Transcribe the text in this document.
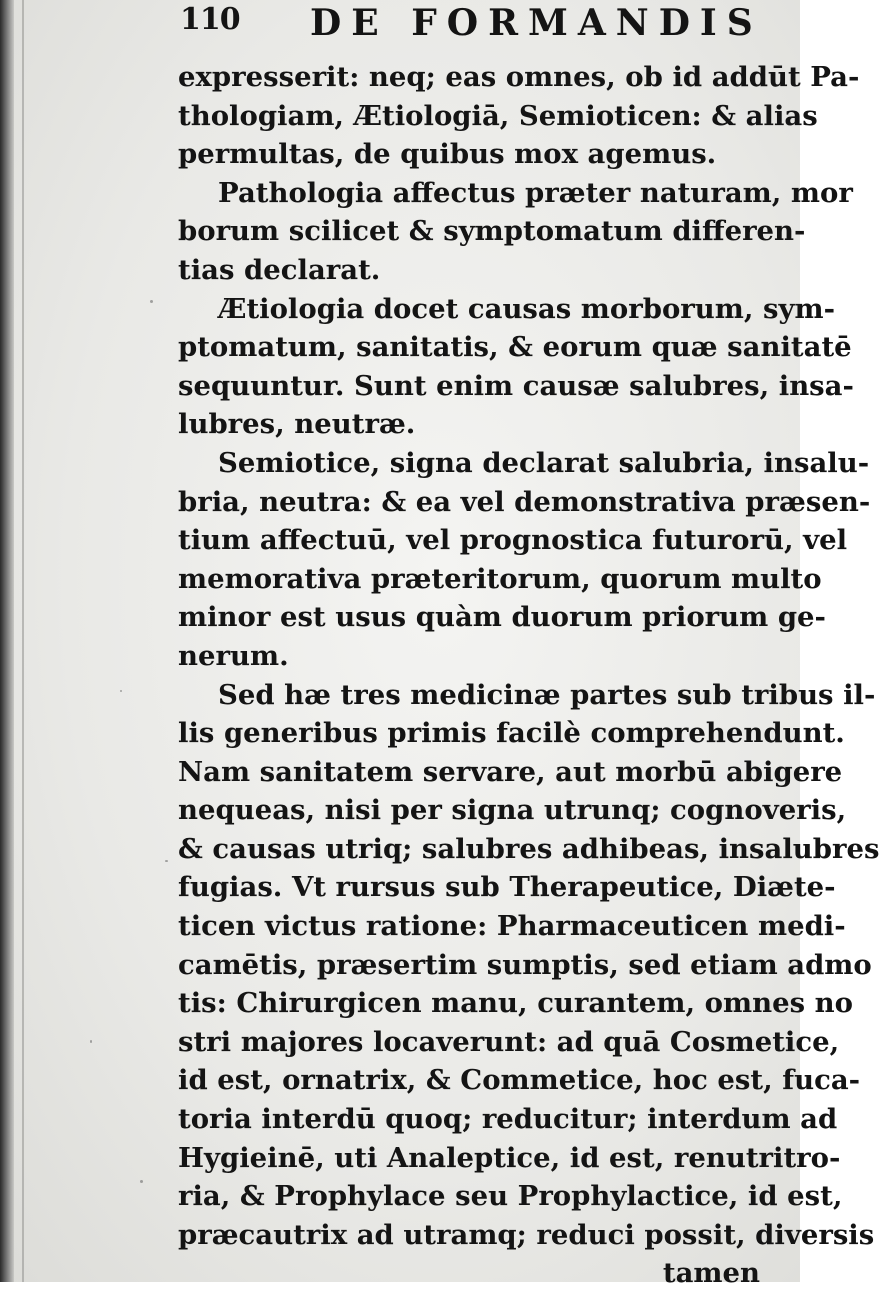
110 DE FORMANDIS
expresserit: neq; eas omnes, ob id addūt Pa-
thologiam, Ætiologiā, Semioticen: & alias
permultas, de quibus mox agemus.
Pathologia affectus præter naturam, mor
borum scilicet & symptomatum differen-
tias declarat.
Ætiologia docet causas morborum, sym-
ptomatum, sanitatis, & eorum quæ sanitatē
sequuntur. Sunt enim causæ salubres, insa-
lubres, neutræ.
Semiotice, signa declarat salubria, insalu-
bria, neutra: & ea vel demonstrativa præsen-
tium affectuū, vel prognostica futurorū, vel
memorativa præteritorum, quorum multo
minor est usus quàm duorum priorum ge-
nerum.
Sed hæ tres medicinæ partes sub tribus il-
lis generibus primis facilè comprehendunt.
Nam sanitatem servare, aut morbū abigere
nequeas, nisi per signa utrunq; cognoveris,
& causas utriq; salubres adhibeas, insalubres
fugias. Vt rursus sub Therapeutice, Diæte-
ticen victus ratione: Pharmaceuticen medi-
camētis, præsertim sumptis, sed etiam admo
tis: Chirurgicen manu, curantem, omnes no
stri majores locaverunt: ad quā Cosmetice,
id est, ornatrix, & Commetice, hoc est, fuca-
toria interdū quoq; reducitur; interdum ad
Hygieinē, uti Analeptice, id est, renutritro-
ria, & Prophylace seu Prophylactice, id est,
præcautrix ad utramq; reduci possit, diversis
tamen
